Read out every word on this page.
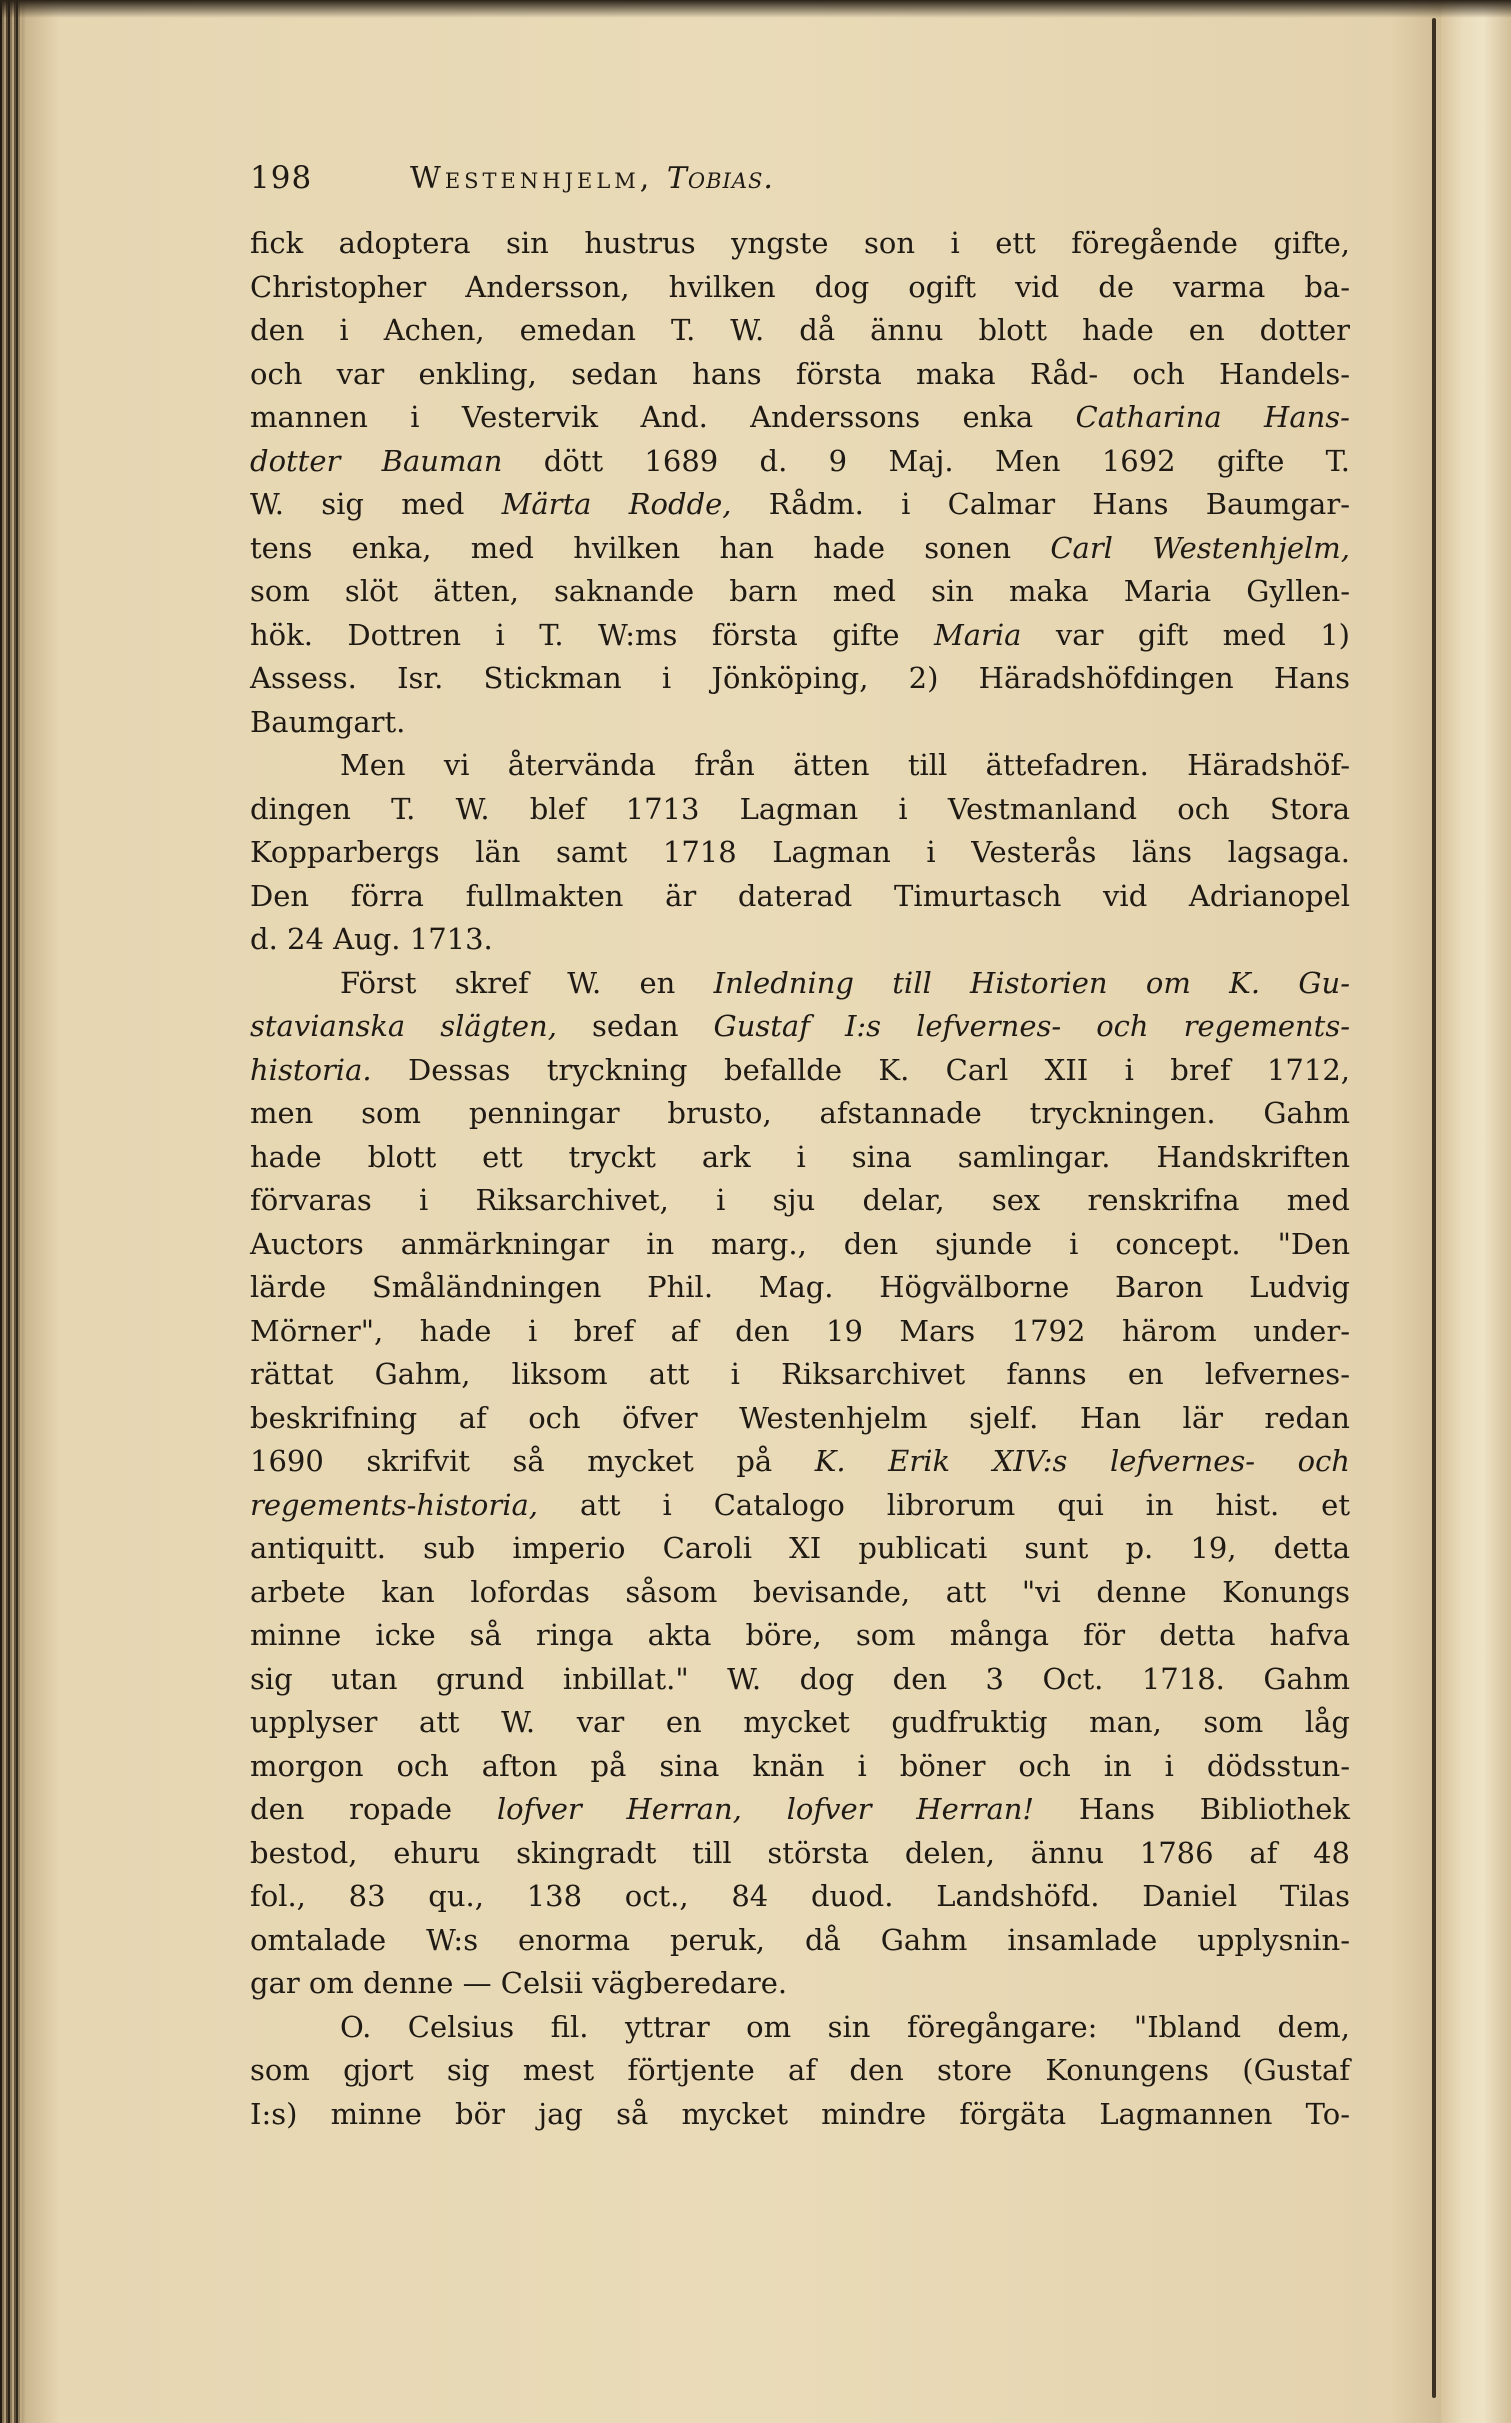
198	Westenhjelm, Tobias.
fick adoptera sin hustrus yngste son i ett föregående gifte,
Christopher Andersson, hvilken dog ogift vid de varma ba-
den i Achen, emedan T. W. då ännu blott hade en dotter
och var enkling, sedan hans första maka Råd- och Handels-
mannen i Vestervik And. Anderssons enka Catharina Hans-
dotter Bauman dött 1689 d. 9 Maj. Men 1692 gifte T.
W. sig med Märta Rodde, Rådm. i Calmar Hans Baumgar-
tens enka, med hvilken han hade sonen Carl Westenhjelm,
som slöt ätten, saknande barn med sin maka Maria Gyllen-
hök. Dottren i T. W:ms första gifte Maria var gift med 1)
Assess. Isr. Stickman i Jönköping, 2) Häradshöfdingen Hans
Baumgart.
Men vi återvända från ätten till ättefadren. Häradshöf-
dingen T. W. blef 1713 Lagman i Vestmanland och Stora
Kopparbergs län samt 1718 Lagman i Vesterås läns lagsaga.
Den förra fullmakten är daterad Timurtasch vid Adrianopel
d. 24 Aug. 1713.
Först skref W. en Inledning till Historien om K. Gu-
stavianska slägten, sedan Gustaf I:s lefvernes- och regements-
historia. Dessas tryckning befallde K. Carl XII i bref 1712,
men som penningar brusto, afstannade tryckningen. Gahm
hade blott ett tryckt ark i sina samlingar. Handskriften
förvaras i Riksarchivet, i sju delar, sex renskrifna med
Auctors anmärkningar in marg., den sjunde i concept. "Den
lärde Småländningen Phil. Mag. Högvälborne Baron Ludvig
Mörner", hade i bref af den 19 Mars 1792 härom under-
rättat Gahm, liksom att i Riksarchivet fanns en lefvernes-
beskrifning af och öfver Westenhjelm sjelf. Han lär redan
1690 skrifvit så mycket på K. Erik XIV:s lefvernes- och
regements-historia, att i Catalogo librorum qui in hist. et
antiquitt. sub imperio Caroli XI publicati sunt p. 19, detta
arbete kan lofordas såsom bevisande, att "vi denne Konungs
minne icke så ringa akta böre, som många för detta hafva
sig utan grund inbillat." W. dog den 3 Oct. 1718. Gahm
upplyser att W. var en mycket gudfruktig man, som låg
morgon och afton på sina knän i böner och in i dödsstun-
den ropade lofver Herran, lofver Herran! Hans Bibliothek
bestod, ehuru skingradt till största delen, ännu 1786 af 48
fol., 83 qu., 138 oct., 84 duod. Landshöfd. Daniel Tilas
omtalade W:s enorma peruk, då Gahm insamlade upplysnin-
gar om denne — Celsii vägberedare.
O. Celsius fil. yttrar om sin föregångare: "Ibland dem,
som gjort sig mest förtjente af den store Konungens (Gustaf
I:s) minne bör jag så mycket mindre förgäta Lagmannen To-
